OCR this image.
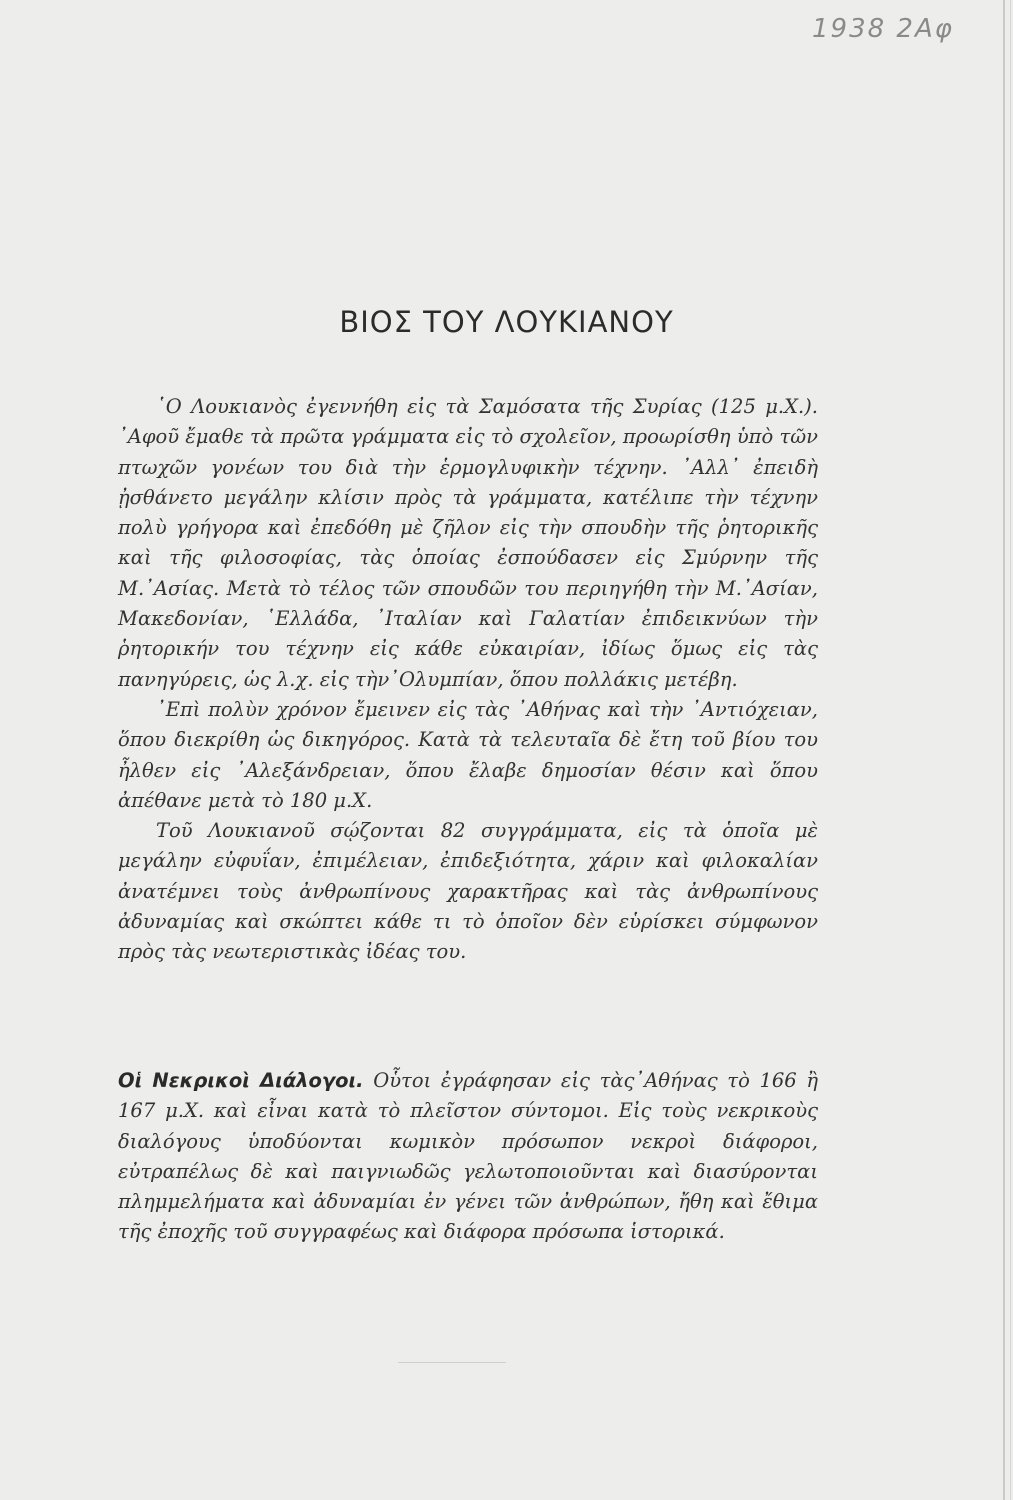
1938 2Αφ
ΒΙΟΣ ΤΟΥ ΛΟΥΚΙΑΝΟΥ

῾Ο Λουκιανὸς ἐγεννήθη εἰς τὰ Σαμόσατα τῆς Συρίας (125 μ.Χ.). ᾿Αφοῦ ἔμαθε τὰ πρῶτα γράμματα εἰς τὸ σχολεῖον, προωρίσθη ὑπὸ τῶν πτωχῶν γονέων του διὰ τὴν ἑρμογλυφικὴν τέχνην. ᾿Αλλ᾿ ἐπειδὴ ᾐσθάνετο μεγάλην κλίσιν πρὸς τὰ γράμματα, κατέλιπε τὴν τέχνην πολὺ γρήγορα καὶ ἐπεδόθη μὲ ζῆλον εἰς τὴν σπουδὴν τῆς ῥητορικῆς καὶ τῆς φιλοσοφίας, τὰς ὁποίας ἐσπούδασεν εἰς Σμύρνην τῆς Μ.᾿Ασίας. Μετὰ τὸ τέλος τῶν σπουδῶν του περιηγήθη τὴν Μ.᾿Ασίαν, Μακεδονίαν, ῾Ελλάδα, ᾿Ιταλίαν καὶ Γαλατίαν ἐπιδεικνύων τὴν ῥητορικήν του τέχνην εἰς κάθε εὐκαιρίαν, ἰδίως ὅμως εἰς τὰς πανηγύρεις, ὡς λ.χ. εἰς τὴν᾿Ολυμπίαν, ὅπου πολλάκις μετέβη.

᾿Επὶ πολὺν χρόνον ἔμεινεν εἰς τὰς ᾿Αθήνας καὶ τὴν ᾿Αντιόχειαν, ὅπου διεκρίθη ὡς δικηγόρος. Κατὰ τὰ τελευταῖα δὲ ἔτη τοῦ βίου του ἦλθεν εἰς ᾿Αλεξάνδρειαν, ὅπου ἔλαβε δημοσίαν θέσιν καὶ ὅπου ἀπέθανε μετὰ τὸ 180 μ.Χ.

Τοῦ Λουκιανοῦ σῴζονται 82 συγγράμματα, εἰς τὰ ὁποῖα μὲ μεγάλην εὐφυΐαν, ἐπιμέλειαν, ἐπιδεξιότητα, χάριν καὶ φιλοκαλίαν ἀνατέμνει τοὺς ἀνθρωπίνους χαρακτῆρας καὶ τὰς ἀνθρωπίνους ἀδυναμίας καὶ σκώπτει κάθε τι τὸ ὁποῖον δὲν εὑρίσκει σύμφωνον πρὸς τὰς νεωτεριστικὰς ἰδέας του.

Οἱ Νεκρικοὶ Διάλογοι. Οὗτοι ἐγράφησαν εἰς τὰς᾿Αθήνας τὸ 166 ἢ 167 μ.Χ. καὶ εἶναι κατὰ τὸ πλεῖστον σύντομοι. Εἰς τοὺς νεκρικοὺς διαλόγους ὑποδύονται κωμικὸν πρόσωπον νεκροὶ διάφοροι, εὐτραπέλως δὲ καὶ παιγνιωδῶς γελωτοποιοῦνται καὶ διασύρονται πλημμελήματα καὶ ἀδυναμίαι ἐν γένει τῶν ἀνθρώπων, ἤθη καὶ ἔθιμα τῆς ἐποχῆς τοῦ συγγραφέως καὶ διάφορα πρόσωπα ἱστορικά.
